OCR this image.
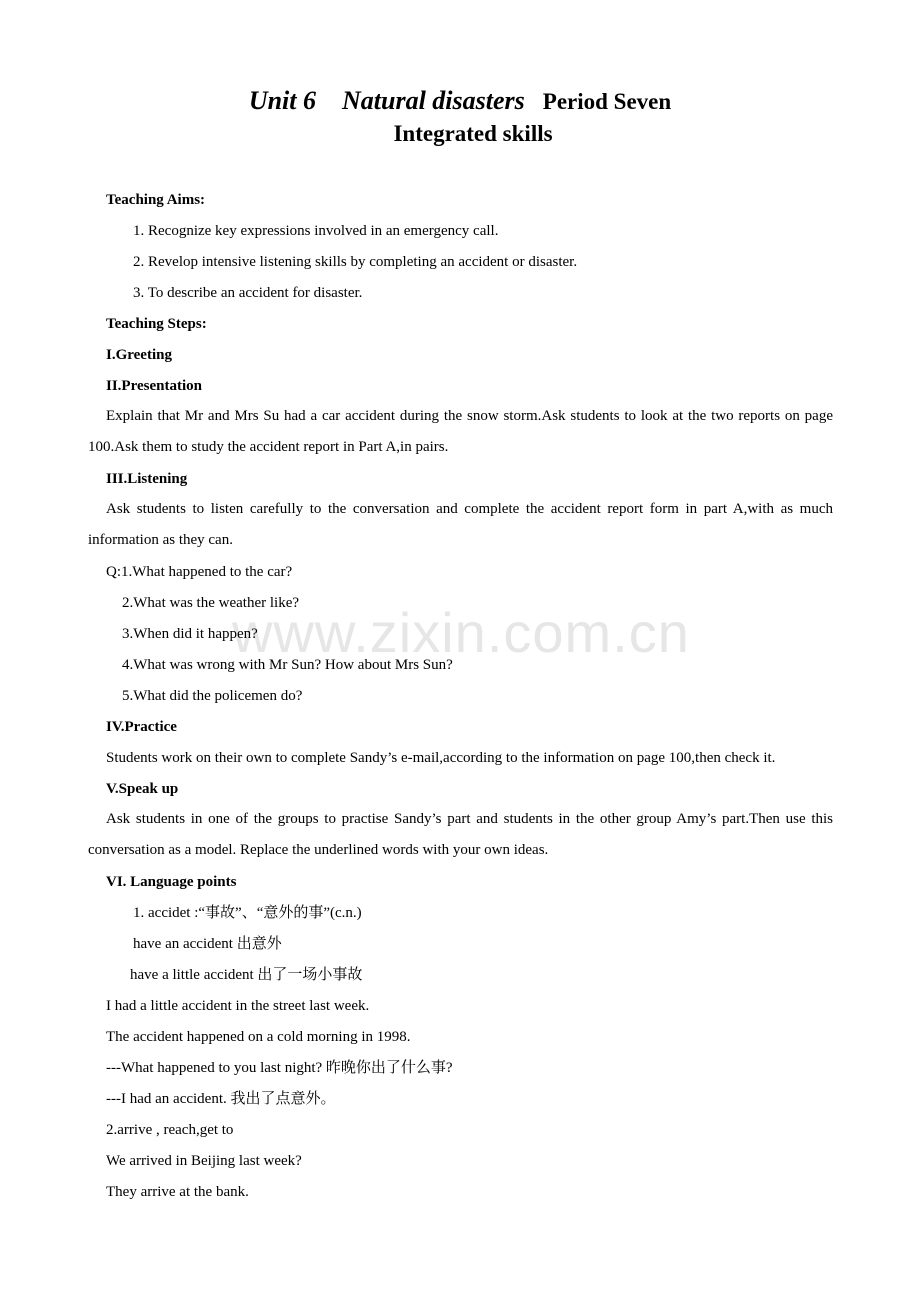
Unit 6 Natural disasters Period Seven
Integrated skills
www.zixin.com.cn
Teaching Aims:
1. Recognize key expressions involved in an emergency call.
2. Revelop intensive listening skills by completing an accident or disaster.
3. To describe an accident for disaster.
Teaching Steps:
I.Greeting
II.Presentation
Explain that Mr and Mrs Su had a car accident during the snow storm.Ask students to look at the two reports on page 100.Ask them to study the accident report in Part A,in pairs.
III.Listening
Ask students to listen carefully to the conversation and complete the accident report form in part A,with as much information as they can.
Q:1.What happened to the car?
2.What was the weather like?
3.When did it happen?
4.What was wrong with Mr Sun? How about Mrs Sun?
5.What did the policemen do?
IV.Practice
Students work on their own to complete Sandy’s e-mail,according to the information on page 100,then check it.
V.Speak up
Ask students in one of the groups to practise Sandy’s part and students in the other group Amy’s part.Then use this conversation as a model. Replace the underlined words with your own ideas.
VI. Language points
1. accidet :“事故”、“意外的事”(c.n.)
have an accident 出意外
have a little accident 出了一场小事故
I had a little accident in the street last week.
The accident happened on a cold morning in 1998.
---What happened to you last night? 昨晚你出了什么事?
---I had an accident. 我出了点意外。
2.arrive , reach,get to
We arrived in Beijing last week?
They arrive at the bank.
